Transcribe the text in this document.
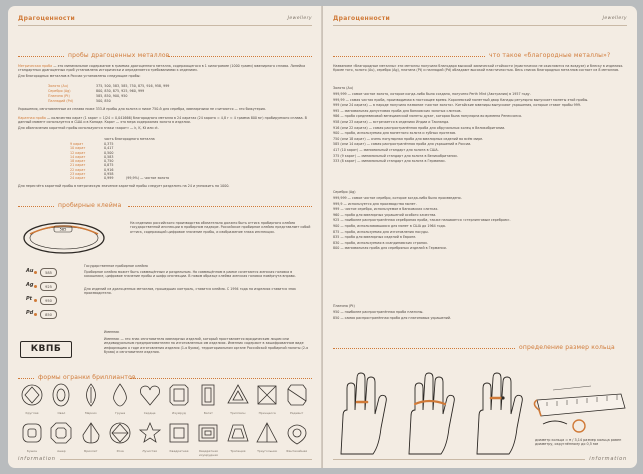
Драгоценности	Jewellery
пробы драгоценных металлов

Метрическая проба — это минимальное содержание в граммах драгоценного металла, содержащегося в 1 килограмме (1000 грамм) ювелирного сплава. Линейка стандартных драгоценных проб установлена исторически и определяется требованиями к изделиям.

Для благородных металлов в России установлены следующие пробы:

Золото (Au)	375, 500, 583, 585, 750, 875, 916, 958, 999
Серебро (Ag)	800, 830, 875, 925, 960, 999
Платина (Pt)	585, 850, 900, 950
Палладий (Pd)	500, 850
Украшения, изготовленные из сплава ниже 333-й пробы для золота и ниже 750-й для серебра, ювелирными не считаются — это бижутерия.

Каратная проба — количество карат (1 карат = 1/24 = 0,041666) благородного металла в 24 каратах (24 карата = 4,8 г ≈ 4 грамма 800 мг) пробируемого сплава. В данный момент используется в США и в Канаде. Карат — это мера содержания золота в изделии.

Для обозначения каратной пробы используются знаки «карат» — k, K, Kt или ct.

часть благородного металла
9 карат	0,375
10 карат	0,417
12 карат	0,500
14 карат	0,583
18 карат	0,750
21 карат	0,875
22 карат	0,916
23 карат	0,958
24 карат	0,999	(99,9%) — чистое золото
Для пересчёта каратной пробы в метрическую значение каратной пробы следует разделить на 24 и умножить на 1000.
пробирные клейма
585
На изделиях российского производства обязательно должно быть оттиск пробирного клейма государственной инспекции в пробирном надзоре. Российское пробирное клеймо представляет собой оттиск, содержащий цифровое значение пробы, и изображение знака инспекции.
Au	585
Ag	925
Pt	950
Pd	850
Государственное пробирное клеймо

Пробирное клеймо может быть совмещённым и раздельным. На совмещённом в рамке сочетаются женская головка в кокошнике, цифровое значение пробы и шифр инспекции. В новом образце клейма женская головка повёрнута вправо.

Для изделий из драгоценных металлов, прошедших контроль, ставится клеймо. С 1994 года на изделиях ставится знак производителя.

Именник
Именник — это знак изготовителя ювелирных изделий, который проставляется юридическим лицом или индивидуальным предпринимателем на изготовленных им изделиях. Именник содержит в зашифрованном виде информацию о годе изготовления изделия (1-я буква), территориальном органе Российской пробирной палаты (2-я буква) и изготовителе изделия.
КВПБ
формы огранки бриллиантов
Круглая	Овал	Маркиз	Груша	Сердце	Изумруд	Багет	Триллион	Принцесса	Радиант
Кушон	Ашер	Бриолет	Роза	Лучистая	Квадратная	Квадратная изумрудная
Трапеция	Треугольник	Фантазийная
information
Драгоценности	Jewellery
что такое «благородные металлы»?
Названием «благородные металлы» эти металлы получили благодаря высокой химической стойкости (практически не окисляются на воздухе) и блеску в изделиях. Кроме того, золото (Au), серебро (Ag), платина (Pt) и палладий (Pd) обладают высокой пластичностью. Весь список благородных металлов состоит из 8 металлов.
Золото (Au)

999,999 — самое чистое золото, которое когда-либо было создано, получено Perth Mint (Австралия) в 1957 году.

999,99 — самая чистая проба, производимая в настоящее время. Королевский монетный двор Канады регулярно выпускает монеты этой пробы.

999 (или 24 карата) — в народе получило название «чистое золото». Китайские ювелиры выпускают украшения, которые ставят пробы 999.

995 — минимальная допустимая проба для банковских золотых слитков.

986 — проба средневековой венецианской монеты дукат, которая была популярна во времена Ренессанса.

958 (или 23 карата) — встречается в изделиях Индии и Таиланда.

916 (или 22 карата) — самая распространённая проба для обручальных колец в Великобритании.

900 — проба, используемая для монетного золота и зубных протезов.

750 (или 18 карат) — очень популярная проба для ювелирных изделий во всём мире.

585 (или 14 карат) — самая распространённая проба для украшений в России.

417 (10 карат) — минимальный стандарт для золота в США.

375 (9 карат) — минимальный стандарт для золота в Великобритании.

333 (8 карат) — минимальный стандарт для золота в Германии.

Серебро (Ag)

999,999 — самое чистое серебро, которое когда-либо было произведено.

999,9 — используется для производства монет.

999 — чистое серебро, используемое в банковских слитках.

960 — проба для ювелирных украшений особого качества.

925 — наиболее распространённая серебряная проба, также называется «стерлинговым серебром».

900 — проба, использовавшаяся для монет в США до 1964 года.

875 — проба, используемая для изготовления посуды.

835 — проба для ювелирных изделий в Европе.

830 — проба, используемая в скандинавских странах.

800 — минимальная проба для серебряных изделий в Германии.

Платина (Pt)

950 — наиболее распространённая проба платины.

850 — самая распространённая проба для платиновых украшений.

определение размер кольца
диаметр кольца ≈ π / 3,14 размер кольца равен диаметру, округлённому до 0,5 мм
information
